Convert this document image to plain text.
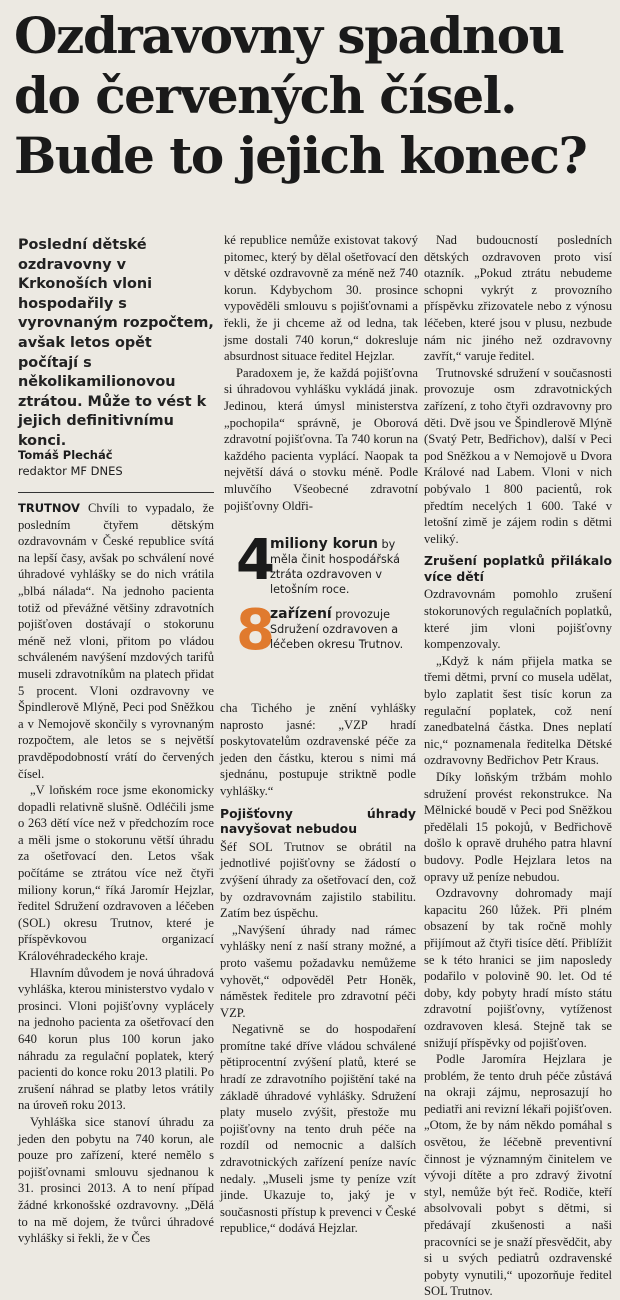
Ozdravovny spadnou
do červených čísel.
Bude to jejich konec?
Poslední dětské ozdravovny v Krkonoších vloni hospodařily s vyrovnaným rozpočtem, avšak letos opět počítají s několikamilionovou ztrátou. Může to vést k jejich definitivnímu konci.
Tomáš Plecháč
redaktor MF DNES

TRUTNOV Chvíli to vypadalo, že posledním čtyřem dětským ozdravovnám v České republice svítá na lepší časy, avšak po schválení nové úhradové vyhlášky se do nich vrátila „blbá nálada“. Na jednoho pacienta totiž od převážné většiny zdravotních pojišťoven dostávají o stokorunu méně než vloni, přitom po vládou schváleném navýšení mzdových tarifů museli zdravotníkům na platech přidat 5 procent. Vloni ozdravovny ve Špindlerově Mlýně, Peci pod Sněžkou a v Nemojově skončily s vyrovnaným rozpočtem, ale letos se s největší pravděpodobností vrátí do červených čísel.

„V loňském roce jsme ekonomicky dopadli relativně slušně. Odléčili jsme o 263 dětí více než v předchozím roce a měli jsme o stokorunu větší úhradu za ošetřovací den. Letos však počítáme se ztrátou více než čtyři miliony korun,“ říká Jaromír Hejzlar, ředitel Sdružení ozdravoven a léčeben (SOL) okresu Trutnov, které je příspěvkovou organizací Královéhradeckého kraje.

Hlavním důvodem je nová úhradová vyhláška, kterou ministerstvo vydalo v prosinci. Vloni pojišťovny vyplácely na jednoho pacienta za ošetřovací den 640 korun plus 100 korun jako náhradu za regulační poplatek, který pacienti do konce roku 2013 platili. Po zrušení náhrad se platby letos vrátily na úroveň roku 2013.

Vyhláška sice stanoví úhradu za jeden den pobytu na 740 korun, ale pouze pro zařízení, které nemělo s pojišťovnami smlouvu sjednanou k 31. prosinci 2013. A to není případ žádné krkonošské ozdravovny. „Dělá to na mě dojem, že tvůrci úhradové vyhlášky si řekli, že v Čes

ké republice nemůže existovat takový pitomec, který by dělal ošetřovací den v dětské ozdravovně za méně než 740 korun. Kdybychom 30. prosince vypověděli smlouvu s pojišťovnami a řekli, že ji chceme až od ledna, tak jsme dostali 740 korun,“ dokresluje absurdnost situace ředitel Hejzlar.

Paradoxem je, že každá pojišťovna si úhradovou vyhlášku vykládá jinak. Jedinou, která úmysl ministerstva „pochopila“ správně, je Oborová zdravotní pojišťovna. Ta 740 korun na každého pacienta vyplácí. Naopak ta největší dává o stovku méně. Podle mluvčího Všeobecné zdravotní pojišťovny Oldři-

4
miliony korun by měla činit hospodářská ztráta ozdravoven v letošním roce.
8
zařízení provozuje Sdružení ozdravoven a léčeben okresu Trutnov.

cha Tichého je znění vyhlášky naprosto jasné: „VZP hradí poskytovatelům ozdravenské péče za jeden den částku, kterou s nimi má sjednánu, postupuje striktně podle vyhlášky.“

Pojišťovny úhrady navyšovat nebudou

Šéf SOL Trutnov se obrátil na jednotlivé pojišťovny se žádostí o zvýšení úhrady za ošetřovací den, což by ozdravovnám zajistilo stabilitu. Zatím bez úspěchu.

„Navýšení úhrady nad rámec vyhlášky není z naší strany možné, a proto vašemu požadavku nemůžeme vyhovět,“ odpověděl Petr Honěk, náměstek ředitele pro zdravotní péči VZP.

Negativně se do hospodaření promítne také dříve vládou schválené pětiprocentní zvýšení platů, které se hradí ze zdravotního pojištění také na základě úhradové vyhlášky. Sdružení platy muselo zvýšit, přestože mu pojišťovny na tento druh péče na rozdíl od nemocnic a dalších zdravotnických zařízení peníze navíc nedaly. „Museli jsme ty peníze vzít jinde. Ukazuje to, jaký je v současnosti přístup k prevenci v České republice,“ dodává Hejzlar.

Nad budoucností posledních dětských ozdravoven proto visí otazník. „Pokud ztrátu nebudeme schopni vykrýt z provozního příspěvku zřizovatele nebo z výnosu léčeben, které jsou v plusu, nezbude nám nic jiného než ozdravovny zavřít,“ varuje ředitel.

Trutnovské sdružení v současnosti provozuje osm zdravotnických zařízení, z toho čtyři ozdravovny pro děti. Dvě jsou ve Špindlerově Mlýně (Svatý Petr, Bedřichov), další v Peci pod Sněžkou a v Nemojově u Dvora Králové nad Labem. Vloni v nich pobývalo 1 800 pacientů, rok předtím necelých 1 600. Také v letošní zimě je zájem rodin s dětmi veliký.

Zrušení poplatků přilákalo více dětí

Ozdravovnám pomohlo zrušení stokorunových regulačních poplatků, které jim vloni pojišťovny kompenzovaly.

„Když k nám přijela matka se třemi dětmi, první co musela udělat, bylo zaplatit šest tisíc korun za regulační poplatek, což není zanedbatelná částka. Dnes neplatí nic,“ poznamenala ředitelka Dětské ozdravovny Bedřichov Petr Kraus.

Díky loňským tržbám mohlo sdružení provést rekonstrukce. Na Mělnické boudě v Peci pod Sněžkou předělali 15 pokojů, v Bedřichově došlo k opravě druhého patra hlavní budovy. Podle Hejzlara letos na opravy už peníze nebudou.

Ozdravovny dohromady mají kapacitu 260 lůžek. Při plném obsazení by tak ročně mohly přijímout až čtyři tisíce dětí. Přiblížit se k této hranici se jim naposledy podařilo v polovině 90. let. Od té doby, kdy pobyty hradí místo státu zdravotní pojišťovny, vytíženost ozdravoven klesá. Stejně tak se snižují příspěvky od pojišťoven.

Podle Jaromíra Hejzlara je problém, že tento druh péče zůstává na okraji zájmu, neprosazují ho pediatři ani revizní lékaři pojišťoven. „Otom, že by nám někdo pomáhal s osvětou, že léčebně preventivní činnost je významným činitelem ve vývoji dítěte a pro zdravý životní styl, nemůže být řeč. Rodiče, kteří absolvovali pobyt s dětmi, si předávají zkušenosti a naši pracovníci se je snaží přesvědčit, aby si u svých pediatrů ozdravenské pobyty vynutili,“ upozorňuje ředitel SOL Trutnov.
